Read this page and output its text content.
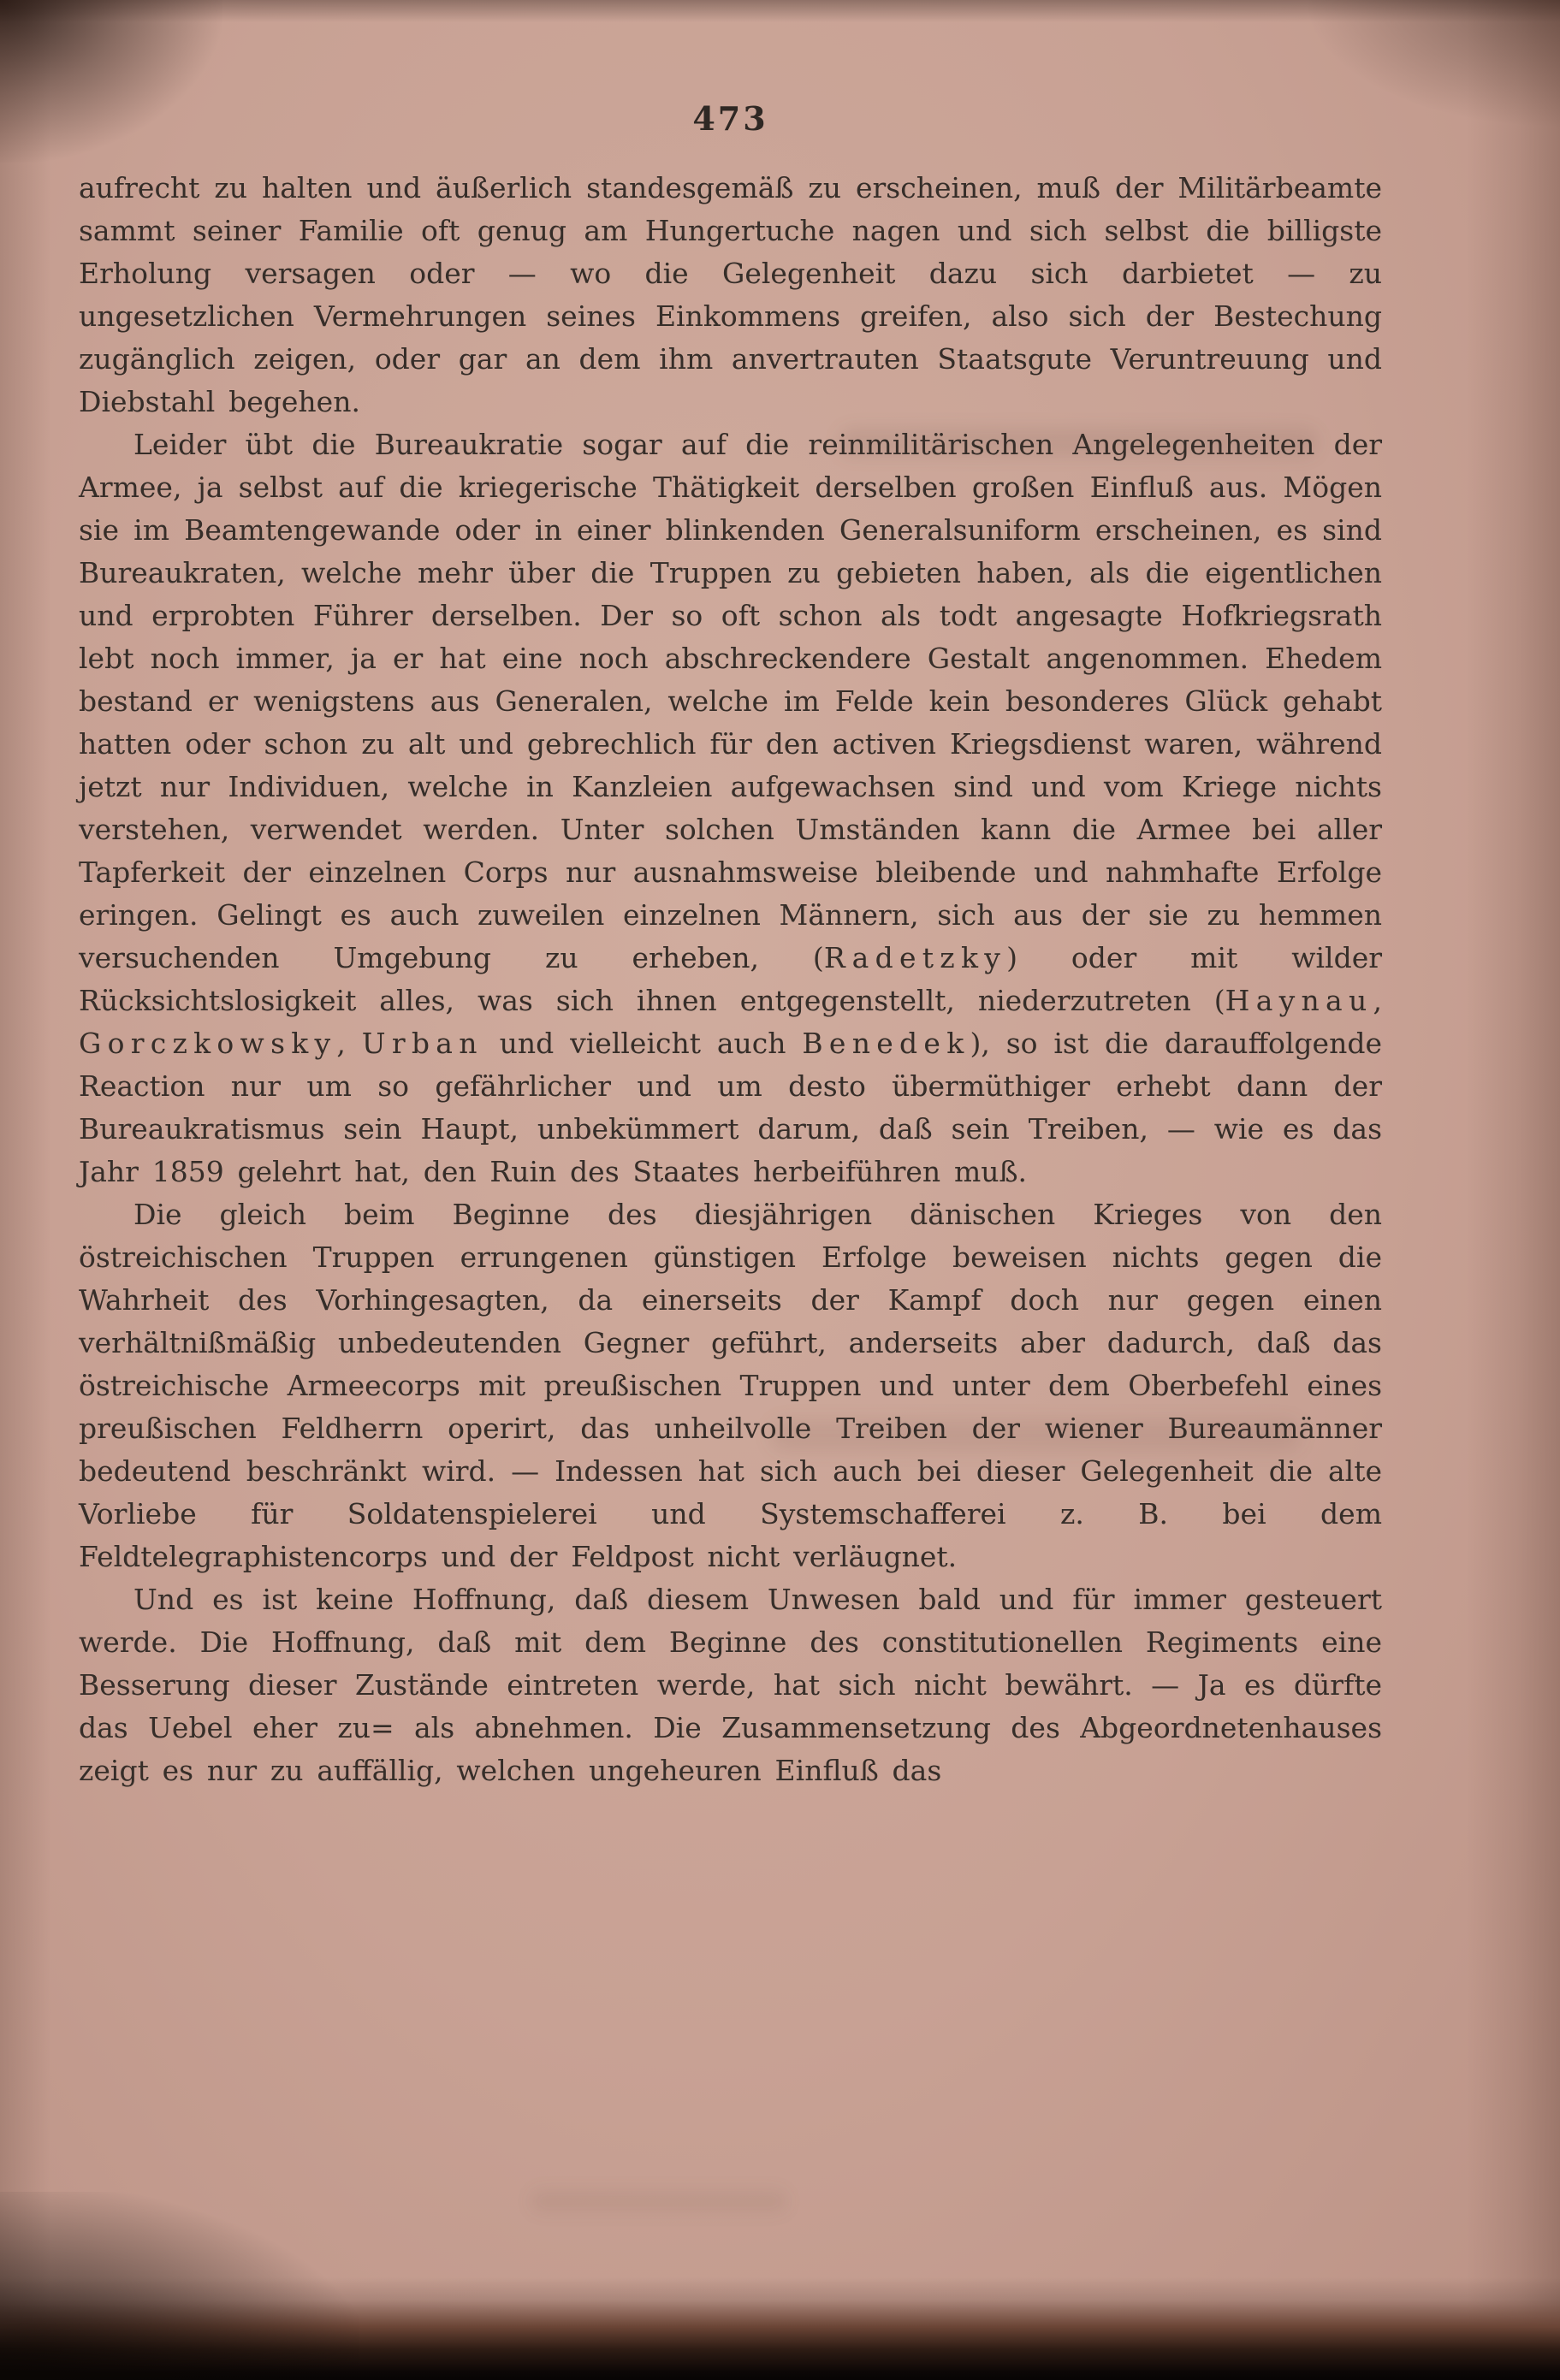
473

aufrecht zu halten und äußerlich standesgemäß zu erscheinen, muß der Militärbeamte sammt seiner Familie oft genug am Hungertuche nagen und sich selbst die billigste Erholung versagen oder — wo die Gelegenheit dazu sich darbietet — zu ungesetzlichen Vermehrungen seines Einkommens greifen, also sich der Bestechung zugänglich zeigen, oder gar an dem ihm anvertrauten Staatsgute Veruntreuung und Diebstahl begehen.

Leider übt die Bureaukratie sogar auf die reinmilitärischen Angelegenheiten der Armee, ja selbst auf die kriegerische Thätigkeit derselben großen Einfluß aus. Mögen sie im Beamtengewande oder in einer blinkenden Generalsuniform erscheinen, es sind Bureaukraten, welche mehr über die Truppen zu gebieten haben, als die eigentlichen und erprobten Führer derselben. Der so oft schon als todt angesagte Hofkriegsrath lebt noch immer, ja er hat eine noch abschreckendere Gestalt angenommen. Ehedem bestand er wenigstens aus Generalen, welche im Felde kein besonderes Glück gehabt hatten oder schon zu alt und gebrechlich für den activen Kriegsdienst waren, während jetzt nur Individuen, welche in Kanzleien aufgewachsen sind und vom Kriege nichts verstehen, verwendet werden. Unter solchen Umständen kann die Armee bei aller Tapferkeit der einzelnen Corps nur ausnahmsweise bleibende und nahmhafte Erfolge eringen. Gelingt es auch zuweilen einzelnen Männern, sich aus der sie zu hemmen versuchenden Umgebung zu erheben, (Radetzky) oder mit wilder Rücksichtslosigkeit alles, was sich ihnen entgegenstellt, niederzutreten (Haynau, Gorczkowsky, Urban und vielleicht auch Benedek), so ist die darauffolgende Reaction nur um so gefährlicher und um desto übermüthiger erhebt dann der Bureaukratismus sein Haupt, unbekümmert darum, daß sein Treiben, — wie es das Jahr 1859 gelehrt hat, den Ruin des Staates herbeiführen muß.

Die gleich beim Beginne des diesjährigen dänischen Krieges von den östreichischen Truppen errungenen günstigen Erfolge beweisen nichts gegen die Wahrheit des Vorhingesagten, da einerseits der Kampf doch nur gegen einen verhältnißmäßig unbedeutenden Gegner geführt, anderseits aber dadurch, daß das östreichische Armeecorps mit preußischen Truppen und unter dem Oberbefehl eines preußischen Feldherrn operirt, das unheilvolle Treiben der wiener Bureaumänner bedeutend beschränkt wird. — Indessen hat sich auch bei dieser Gelegenheit die alte Vorliebe für Soldatenspielerei und Systemschafferei z. B. bei dem Feldtelegraphistencorps und der Feldpost nicht verläugnet.

Und es ist keine Hoffnung, daß diesem Unwesen bald und für immer gesteuert werde. Die Hoffnung, daß mit dem Beginne des constitutionellen Regiments eine Besserung dieser Zustände eintreten werde, hat sich nicht bewährt. — Ja es dürfte das Uebel eher zu= als abnehmen. Die Zusammensetzung des Abgeordnetenhauses zeigt es nur zu auffällig, welchen ungeheuren Einfluß das
